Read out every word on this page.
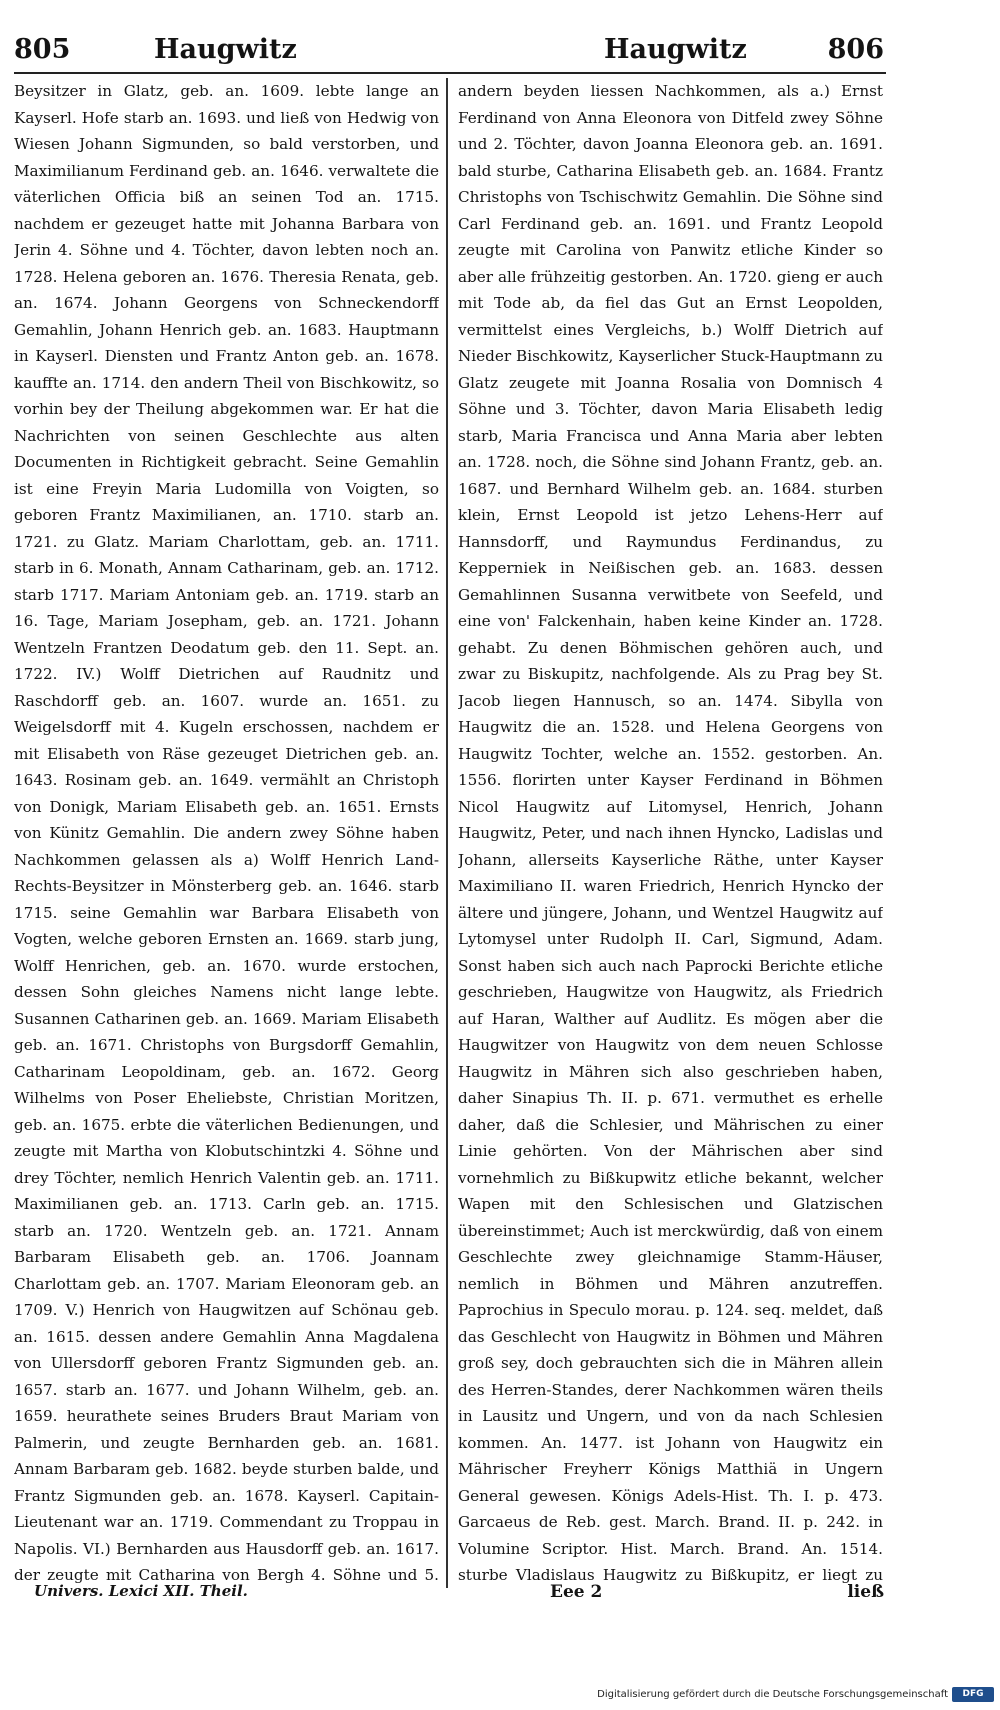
805	Haugwitz	Haugwitz	806
Beysitzer in Glatz, geb. an. 1609. lebte lange an Kayserl. Hofe starb an. 1693. und ließ von Hedwig von Wiesen Johann Sigmunden, so bald verstorben, und Maximilianum Ferdinand geb. an. 1646. verwaltete die väterlichen Officia biß an seinen Tod an. 1715. nachdem er gezeuget hatte mit Johanna Barbara von Jerin 4. Söhne und 4. Töchter, davon lebten noch an. 1728. Helena geboren an. 1676. Theresia Renata, geb. an. 1674. Johann Georgens von Schneckendorff Gemahlin, Johann Henrich geb. an. 1683. Hauptmann in Kayserl. Diensten und Frantz Anton geb. an. 1678. kauffte an. 1714. den andern Theil von Bischkowitz, so vorhin bey der Theilung abgekommen war. Er hat die Nachrichten von seinen Geschlechte aus alten Documenten in Richtigkeit gebracht. Seine Gemahlin ist eine Freyin Maria Ludomilla von Voigten, so geboren Frantz Maximilianen, an. 1710. starb an. 1721. zu Glatz. Mariam Charlottam, geb. an. 1711. starb in 6. Monath, Annam Catharinam, geb. an. 1712. starb 1717. Mariam Antoniam geb. an. 1719. starb an 16. Tage, Mariam Josepham, geb. an. 1721. Johann Wentzeln Frantzen Deodatum geb. den 11. Sept. an. 1722. IV.) Wolff Dietrichen auf Raudnitz und Raschdorff geb. an. 1607. wurde an. 1651. zu Weigelsdorff mit 4. Kugeln erschossen, nachdem er mit Elisabeth von Räse gezeuget Dietrichen geb. an. 1643. Rosinam geb. an. 1649. vermählt an Christoph von Donigk, Mariam Elisabeth geb. an. 1651. Ernsts von Künitz Gemahlin. Die andern zwey Söhne haben Nachkommen gelassen als a) Wolff Henrich Land-Rechts-Beysitzer in Mönsterberg geb. an. 1646. starb 1715. seine Gemahlin war Barbara Elisabeth von Vogten, welche geboren Ernsten an. 1669. starb jung, Wolff Henrichen, geb. an. 1670. wurde erstochen, dessen Sohn gleiches Namens nicht lange lebte. Susannen Catharinen geb. an. 1669. Mariam Elisabeth geb. an. 1671. Christophs von Burgsdorff Gemahlin, Catharinam Leopoldinam, geb. an. 1672. Georg Wilhelms von Poser Eheliebste, Christian Moritzen, geb. an. 1675. erbte die väterlichen Bedienungen, und zeugte mit Martha von Klobutschintzki 4. Söhne und drey Töchter, nemlich Henrich Valentin geb. an. 1711. Maximilianen geb. an. 1713. Carln geb. an. 1715. starb an. 1720. Wentzeln geb. an. 1721. Annam Barbaram Elisabeth geb. an. 1706. Joannam Charlottam geb. an. 1707. Mariam Eleonoram geb. an 1709. V.) Henrich von Haugwitzen auf Schönau geb. an. 1615. dessen andere Gemahlin Anna Magdalena von Ullersdorff geboren Frantz Sigmunden geb. an. 1657. starb an. 1677. und Johann Wilhelm, geb. an. 1659. heurathete seines Bruders Braut Mariam von Palmerin, und zeugte Bernharden geb. an. 1681. Annam Barbaram geb. 1682. beyde sturben balde, und Frantz Sigmunden geb. an. 1678. Kayserl. Capitain-Lieutenant war an. 1719. Commendant zu Troppau in Napolis. VI.) Bernharden aus Hausdorff geb. an. 1617. der zeugte mit Catharina von Bergh 4. Söhne und 5.
andern beyden liessen Nachkommen, als a.) Ernst Ferdinand von Anna Eleonora von Ditfeld zwey Söhne und 2. Töchter, davon Joanna Eleonora geb. an. 1691. bald sturbe, Catharina Elisabeth geb. an. 1684. Frantz Christophs von Tschischwitz Gemahlin. Die Söhne sind Carl Ferdinand geb. an. 1691. und Frantz Leopold zeugte mit Carolina von Panwitz etliche Kinder so aber alle frühzeitig gestorben. An. 1720. gieng er auch mit Tode ab, da fiel das Gut an Ernst Leopolden, vermittelst eines Vergleichs, b.) Wolff Dietrich auf Nieder Bischkowitz, Kayserlicher Stuck-Hauptmann zu Glatz zeugete mit Joanna Rosalia von Domnisch 4 Söhne und 3. Töchter, davon Maria Elisabeth ledig starb, Maria Francisca und Anna Maria aber lebten an. 1728. noch, die Söhne sind Johann Frantz, geb. an. 1687. und Bernhard Wilhelm geb. an. 1684. sturben klein, Ernst Leopold ist jetzo Lehens-Herr auf Hannsdorff, und Raymundus Ferdinandus, zu Kepperniek in Neißischen geb. an. 1683. dessen Gemahlinnen Susanna verwitbete von Seefeld, und eine von' Falckenhain, haben keine Kinder an. 1728. gehabt. Zu denen Böhmischen gehören auch, und zwar zu Biskupitz, nachfolgende. Als zu Prag bey St. Jacob liegen Hannusch, so an. 1474. Sibylla von Haugwitz die an. 1528. und Helena Georgens von Haugwitz Tochter, welche an. 1552. gestorben. An. 1556. florirten unter Kayser Ferdinand in Böhmen Nicol Haugwitz auf Litomysel, Henrich, Johann Haugwitz, Peter, und nach ihnen Hyncko, Ladislas und Johann, allerseits Kayserliche Räthe, unter Kayser Maximiliano II. waren Friedrich, Henrich Hyncko der ältere und jüngere, Johann, und Wentzel Haugwitz auf Lytomysel unter Rudolph II. Carl, Sigmund, Adam. Sonst haben sich auch nach Paprocki Berichte etliche geschrieben, Haugwitze von Haugwitz, als Friedrich auf Haran, Walther auf Audlitz. Es mögen aber die Haugwitzer von Haugwitz von dem neuen Schlosse Haugwitz in Mähren sich also geschrieben haben, daher Sinapius Th. II. p. 671. vermuthet es erhelle daher, daß die Schlesier, und Mährischen zu einer Linie gehörten. Von der Mährischen aber sind vornehmlich zu Bißkupwitz etliche bekannt, welcher Wapen mit den Schlesischen und Glatzischen übereinstimmet; Auch ist merckwürdig, daß von einem Geschlechte zwey gleichnamige Stamm-Häuser, nemlich in Böhmen und Mähren anzutreffen. Paprochius in Speculo morau. p. 124. seq. meldet, daß das Geschlecht von Haugwitz in Böhmen und Mähren groß sey, doch gebrauchten sich die in Mähren allein des Herren-Standes, derer Nachkommen wären theils in Lausitz und Ungern, und von da nach Schlesien kommen. An. 1477. ist Johann von Haugwitz ein Mährischer Freyherr Königs Matthiä in Ungern General gewesen. Königs Adels-Hist. Th. I. p. 473. Garcaeus de Reb. gest. March. Brand. II. p. 242. in Volumine Scriptor. Hist. March. Brand. An. 1514. sturbe Vladislaus Haugwitz zu Bißkupitz, er liegt zu
Univers. Lexici XII. Theil.	Eee 2	ließ
Digitalisierung gefördert durch die Deutsche Forschungsgemeinschaft	DFG
